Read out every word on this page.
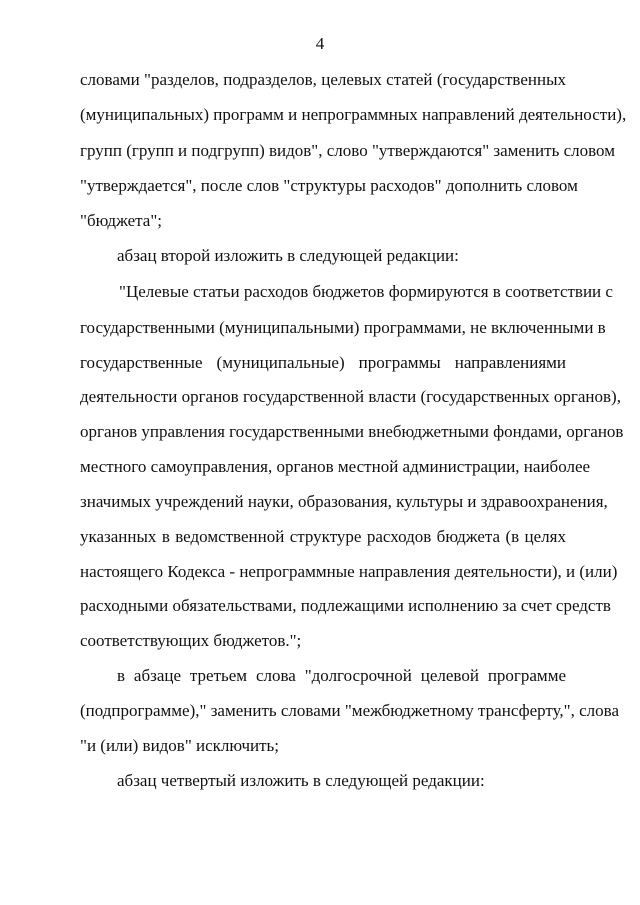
4
словами "разделов, подразделов, целевых статей (государственных
(муниципальных) программ и непрограммных направлений деятельности),
групп (групп и подгрупп) видов", слово "утверждаются" заменить словом
"утверждается", после слов "структуры расходов" дополнить словом
"бюджета";
абзац второй изложить в следующей редакции:
"Целевые статьи расходов бюджетов формируются в соответствии с
государственными (муниципальными) программами, не включенными в
государственные (муниципальные) программы направлениями
деятельности органов государственной власти (государственных органов),
органов управления государственными внебюджетными фондами, органов
местного самоуправления, органов местной администрации, наиболее
значимых учреждений науки, образования, культуры и здравоохранения,
указанных в ведомственной структуре расходов бюджета (в целях
настоящего Кодекса - непрограммные направления деятельности), и (или)
расходными обязательствами, подлежащими исполнению за счет средств
соответствующих бюджетов.";
в абзаце третьем слова "долгосрочной целевой программе
(подпрограмме)," заменить словами "межбюджетному трансферту,", слова
"и (или) видов" исключить;
абзац четвертый изложить в следующей редакции:
